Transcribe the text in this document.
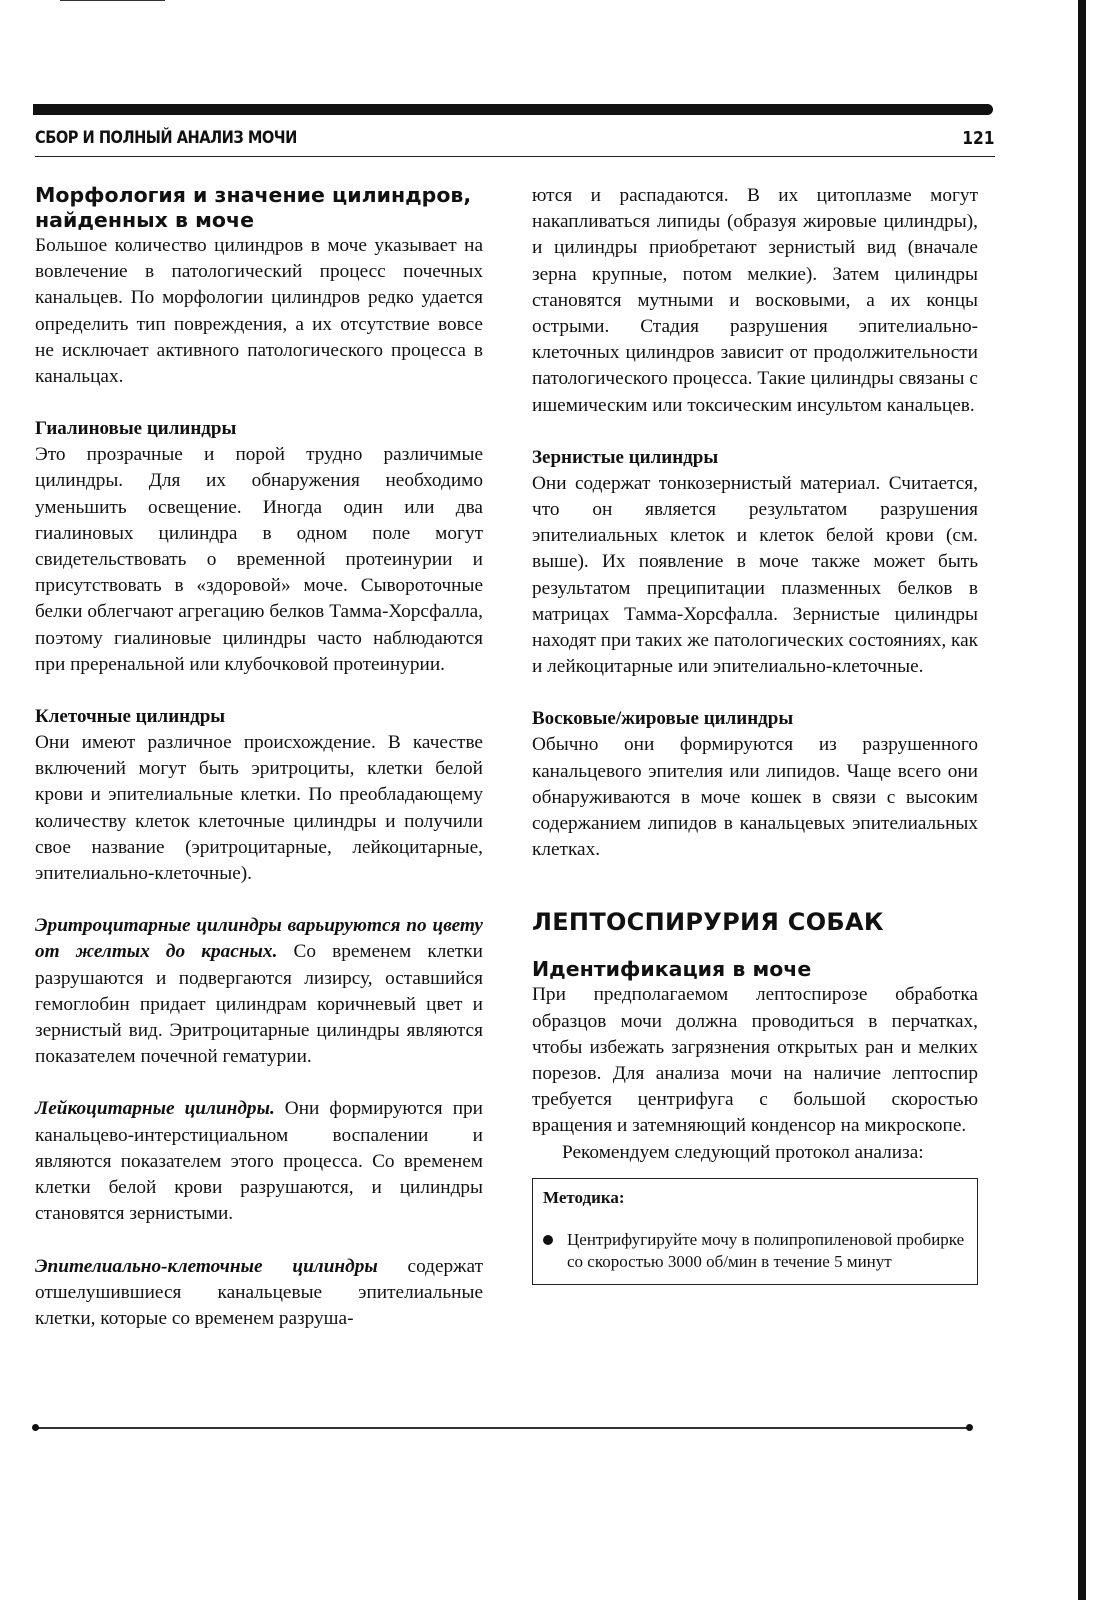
СБОР И ПОЛНЫЙ АНАЛИЗ МОЧИ	121
Морфология и значение цилиндров, найденных в моче

Большое количество цилиндров в моче указывает на вовлечение в патологический процесс почечных канальцев. По морфологии цилиндров редко удается определить тип повреждения, а их отсутствие вовсе не исключает активного патологического процесса в канальцах.

Гиалиновые цилиндры

Это прозрачные и порой трудно различимые цилиндры. Для их обнаружения необходимо уменьшить освещение. Иногда один или два гиалиновых цилиндра в одном поле могут свидетельствовать о временной протеинурии и присутствовать в «здоровой» моче. Сывороточные белки облегчают агрегацию белков Тамма-Хорсфалла, поэтому гиалиновые цилиндры часто наблюдаются при преренальной или клубочковой протеинурии.

Клеточные цилиндры

Они имеют различное происхождение. В качестве включений могут быть эритроциты, клетки белой крови и эпителиальные клетки. По преобладающему количеству клеток клеточные цилиндры и получили свое название (эритроцитарные, лейкоцитарные, эпителиально-клеточные).

Эритроцитарные цилиндры варьируются по цвету от желтых до красных. Со временем клетки разрушаются и подвергаются лизирсу, оставшийся гемоглобин придает цилиндрам коричневый цвет и зернистый вид. Эритроцитарные цилиндры являются показателем почечной гематурии.

Лейкоцитарные цилиндры. Они формируются при канальцево-интерстициальном воспалении и являются показателем этого процесса. Со временем клетки белой крови разрушаются, и цилиндры становятся зернистыми.

Эпителиально-клеточные цилиндры содержат отшелушившиеся канальцевые эпителиальные клетки, которые со временем разруша-

ются и распадаются. В их цитоплазме могут накапливаться липиды (образуя жировые цилиндры), и цилиндры приобретают зернистый вид (вначале зерна крупные, потом мелкие). Затем цилиндры становятся мутными и восковыми, а их концы острыми. Стадия разрушения эпителиально-клеточных цилиндров зависит от продолжительности патологического процесса. Такие цилиндры связаны с ишемическим или токсическим инсультом канальцев.

Зернистые цилиндры

Они содержат тонкозернистый материал. Считается, что он является результатом разрушения эпителиальных клеток и клеток белой крови (см. выше). Их появление в моче также может быть результатом преципитации плазменных белков в матрицах Тамма-Хорсфалла. Зернистые цилиндры находят при таких же патологических состояниях, как и лейкоцитарные или эпителиально-клеточные.

Восковые/жировые цилиндры

Обычно они формируются из разрушенного канальцевого эпителия или липидов. Чаще всего они обнаруживаются в моче кошек в связи с высоким содержанием липидов в канальцевых эпителиальных клетках.

ЛЕПТОСПИРУРИЯ СОБАК
Идентификация в моче

При предполагаемом лептоспирозе обработка образцов мочи должна проводиться в перчатках, чтобы избежать загрязнения открытых ран и мелких порезов. Для анализа мочи на наличие лептоспир требуется центрифуга с большой скоростью вращения и затемняющий конденсор на микроскопе.

Рекомендуем следующий протокол анализа:

Методика:
Центрифугируйте мочу в полипропиленовой пробирке со скоростью 3000 об/мин в течение 5 минут
